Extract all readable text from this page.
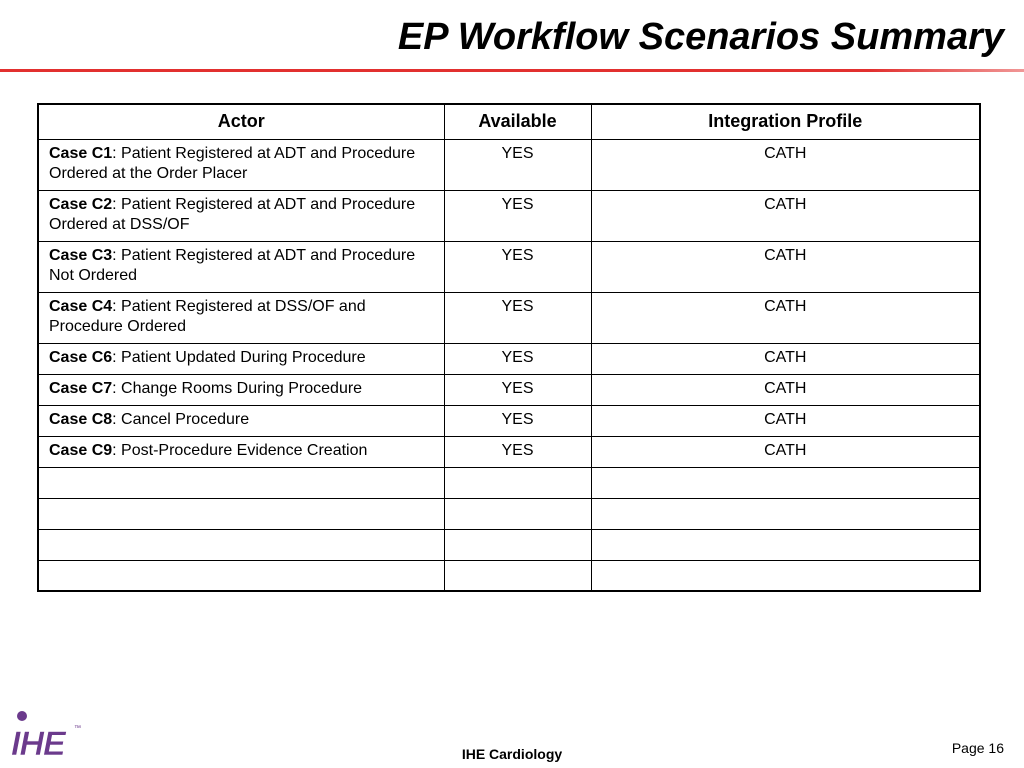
EP Workflow Scenarios Summary
Actor	Available	Integration Profile
Case C1: Patient Registered at ADT and Procedure Ordered at the Order Placer	YES	CATH
Case C2: Patient Registered at ADT and Procedure Ordered at DSS/OF	YES	CATH
Case C3: Patient Registered at ADT and Procedure Not Ordered	YES	CATH
Case C4: Patient Registered at DSS/OF and Procedure Ordered	YES	CATH
Case C6: Patient Updated During Procedure	YES	CATH
Case C7: Change Rooms During Procedure	YES	CATH
Case C8: Cancel Procedure	YES	CATH
Case C9: Post-Procedure Evidence Creation	YES	CATH

IHE	™
IHE Cardiology	Page 16
